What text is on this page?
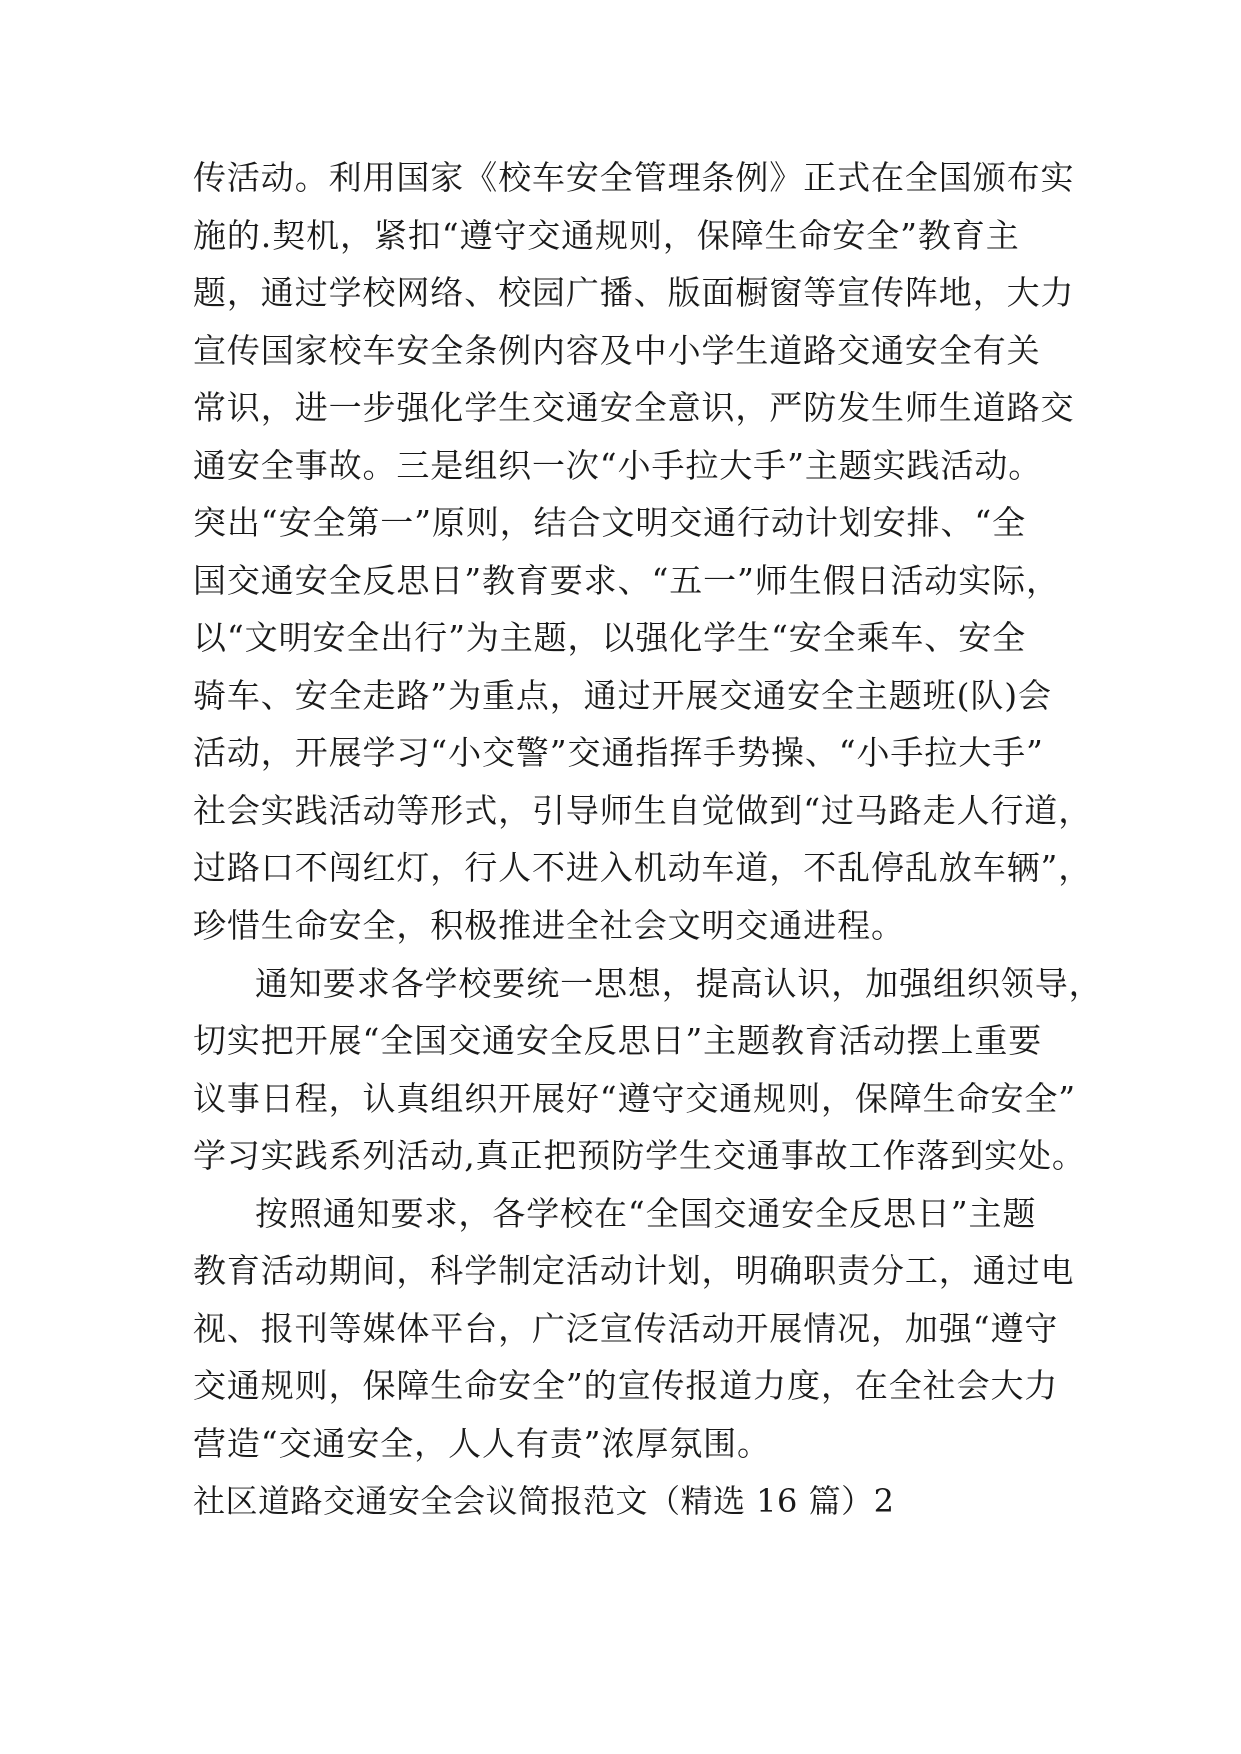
传活动。利用国家《校车安全管理条例》正式在全国颁布实
施的.契机，紧扣“遵守交通规则，保障生命安全”教育主
题，通过学校网络、校园广播、版面橱窗等宣传阵地，大力
宣传国家校车安全条例内容及中小学生道路交通安全有关
常识，进一步强化学生交通安全意识，严防发生师生道路交
通安全事故。三是组织一次“小手拉大手”主题实践活动。
突出“安全第一”原则，结合文明交通行动计划安排、“全
国交通安全反思日”教育要求、“五一”师生假日活动实际，
以“文明安全出行”为主题，以强化学生“安全乘车、安全
骑车、安全走路”为重点，通过开展交通安全主题班(队)会
活动，开展学习“小交警”交通指挥手势操、“小手拉大手”
社会实践活动等形式，引导师生自觉做到“过马路走人行道，
过路口不闯红灯，行人不进入机动车道，不乱停乱放车辆”，
珍惜生命安全，积极推进全社会文明交通进程。
通知要求各学校要统一思想，提高认识，加强组织领导，
切实把开展“全国交通安全反思日”主题教育活动摆上重要
议事日程，认真组织开展好“遵守交通规则，保障生命安全”
学习实践系列活动,真正把预防学生交通事故工作落到实处。
按照通知要求，各学校在“全国交通安全反思日”主题
教育活动期间，科学制定活动计划，明确职责分工，通过电
视、报刊等媒体平台，广泛宣传活动开展情况，加强“遵守
交通规则，保障生命安全”的宣传报道力度，在全社会大力
营造“交通安全，人人有责”浓厚氛围。
社区道路交通安全会议简报范文（精选 16 篇）2
